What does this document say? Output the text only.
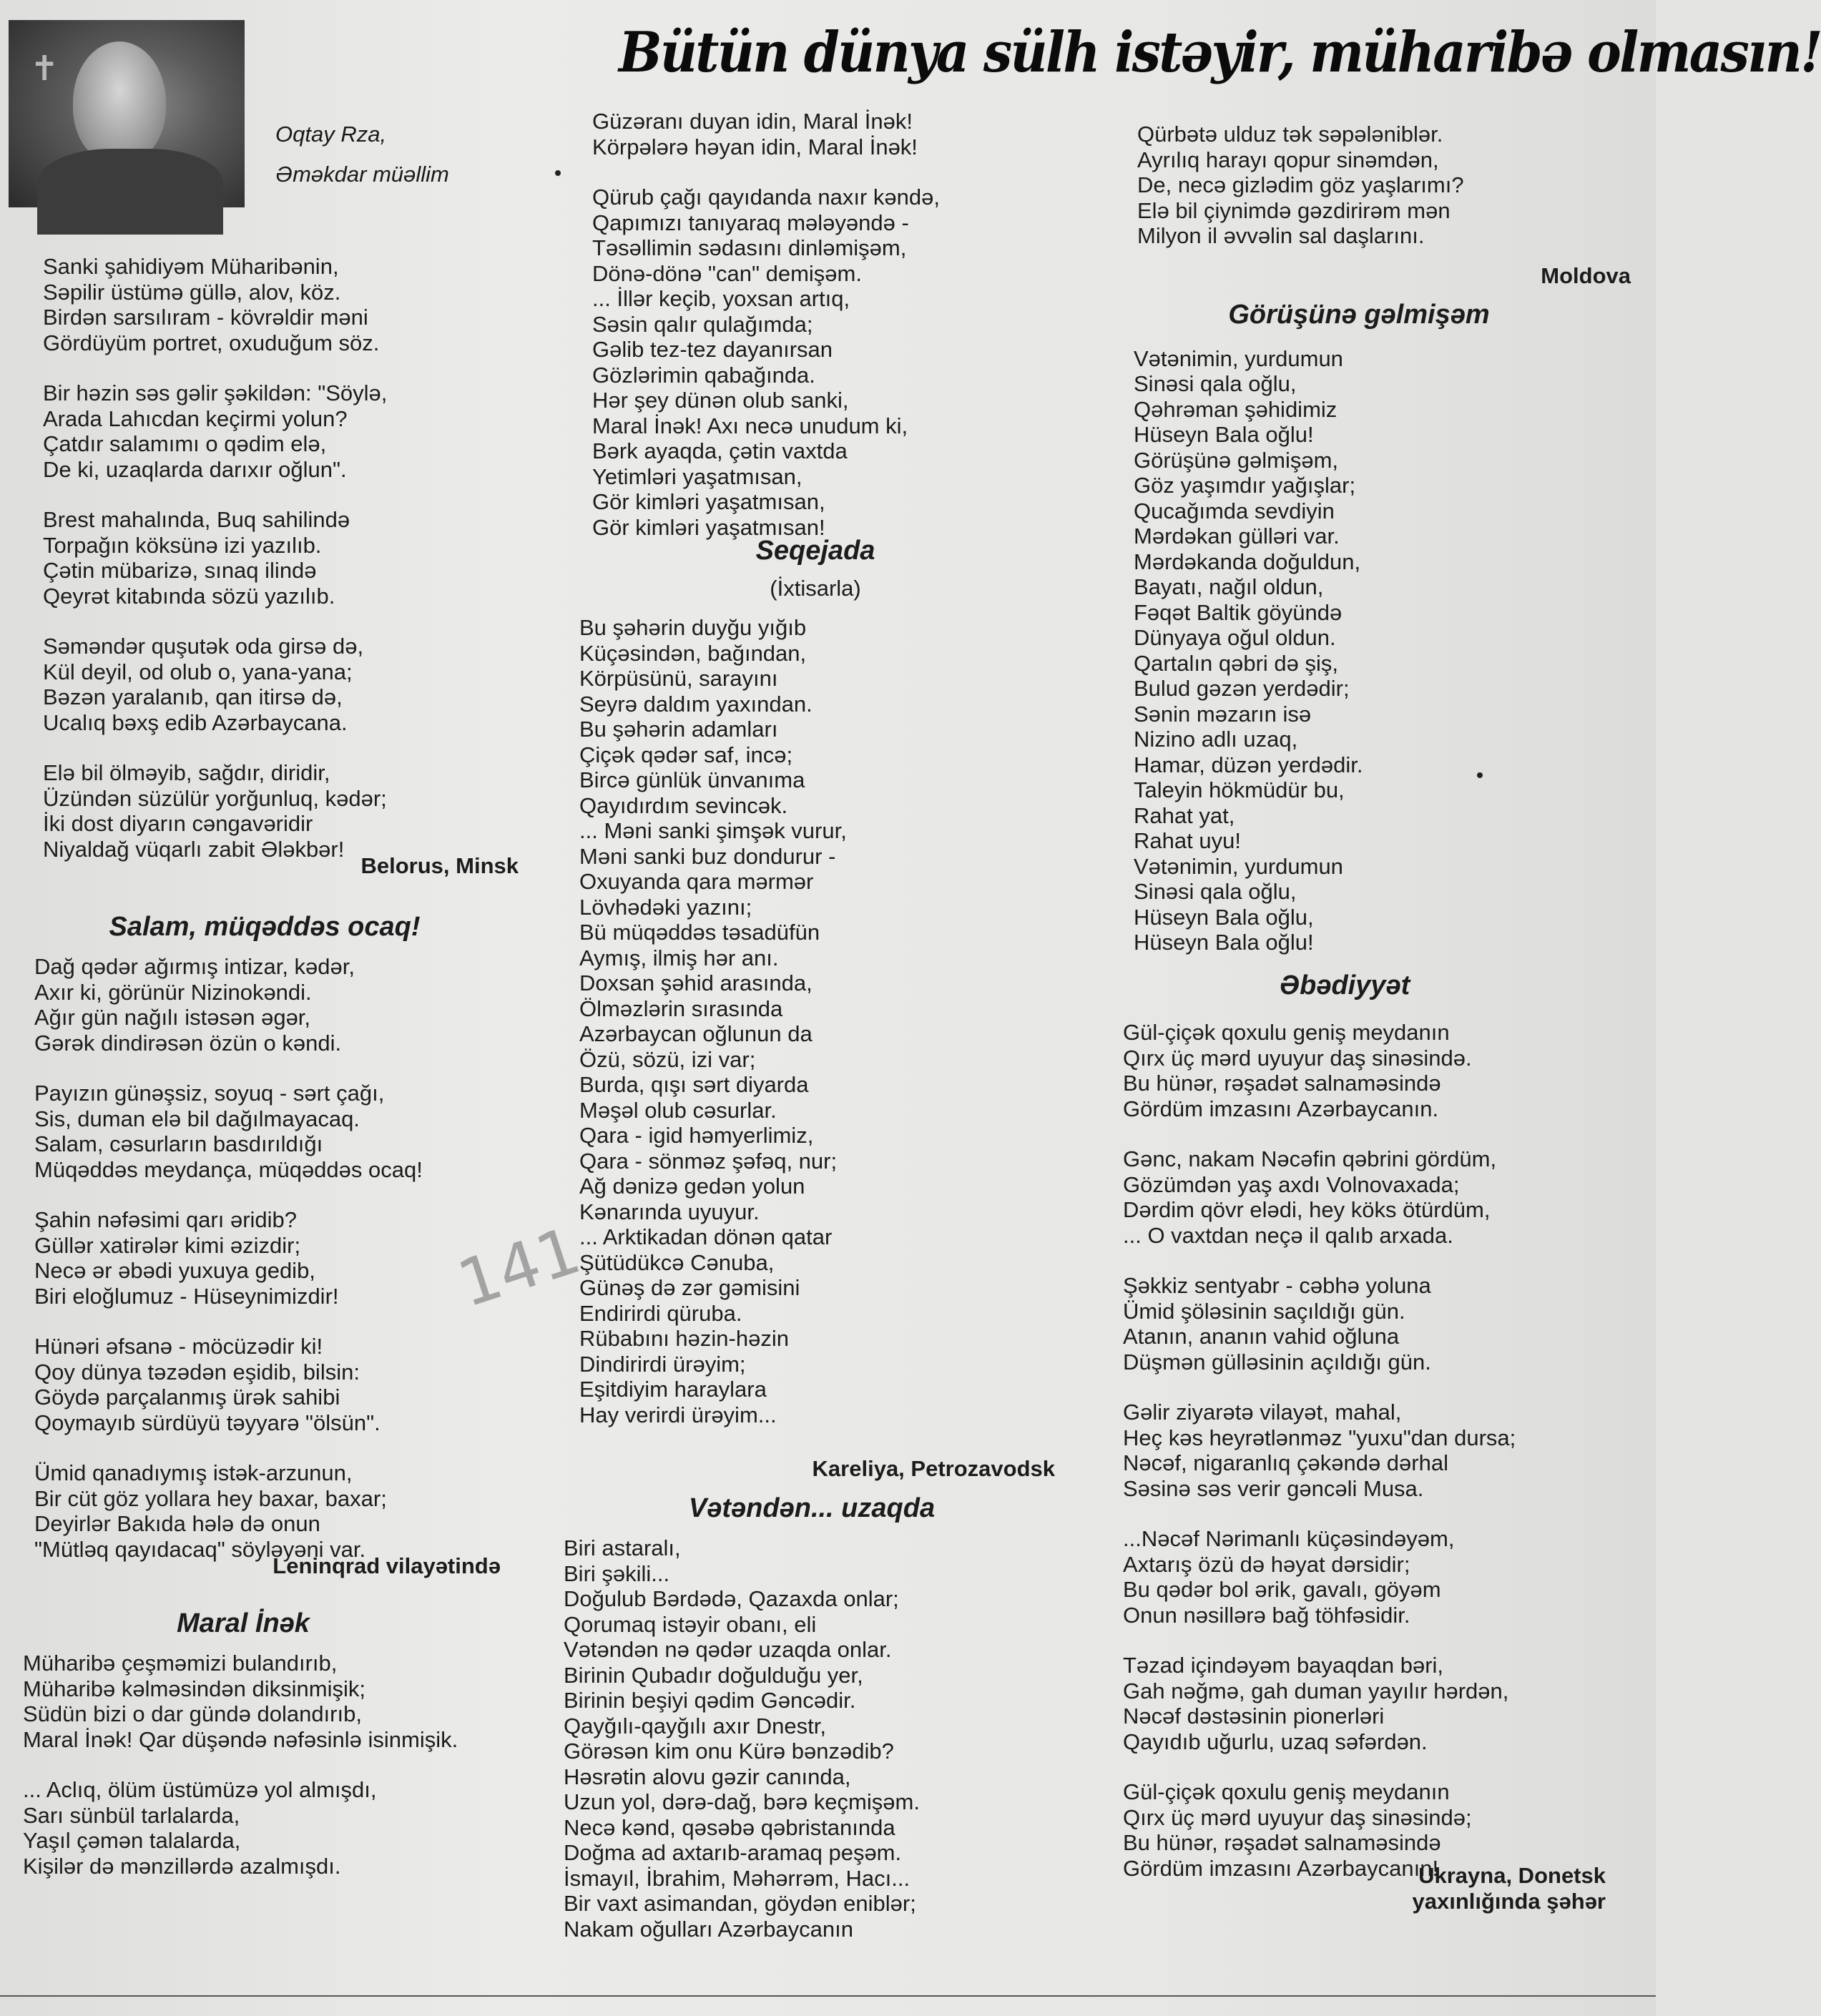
✝	Bütün dünya sülh istəyir, müharibə olmasın!
Oqtay Rza,
Əməkdar müəllim

Sanki şahidiyəm Müharibənin,

Səpilir üstümə güllə, alov, köz.

Birdən sarsılıram - kövrəldir məni

Gördüyüm portret, oxuduğum söz.

Bir həzin səs gəlir şəkildən: "Söylə,

Arada Lahıcdan keçirmi yolun?

Çatdır salamımı o qədim elə,

De ki, uzaqlarda darıxır oğlun".

Brest mahalında, Buq sahilində

Torpağın köksünə izi yazılıb.

Çətin mübarizə, sınaq ilində

Qeyrət kitabında sözü yazılıb.

Səməndər quşutək oda girsə də,

Kül deyil, od olub o, yana-yana;

Bəzən yaralanıb, qan itirsə də,

Ucalıq bəxş edib Azərbaycana.

Elə bil ölməyib, sağdır, diridir,

Üzündən süzülür yorğunluq, kədər;

İki dost diyarın cəngavəridir

Niyaldağ vüqarlı zabit Ələkbər!

Belorus, Minsk
Salam, müqəddəs ocaq!

Dağ qədər ağırmış intizar, kədər,

Axır ki, görünür Nizinokəndi.

Ağır gün nağılı istəsən əgər,

Gərək dindirəsən özün o kəndi.

Payızın günəşsiz, soyuq - sərt çağı,

Sis, duman elə bil dağılmayacaq.

Salam, cəsurların basdırıldığı

Müqəddəs meydança, müqəddəs ocaq!

Şahin nəfəsimi qarı əridib?

Güllər xatirələr kimi əzizdir;

Necə ər əbədi yuxuya gedib,

Biri eloğlumuz - Hüseynimizdir!

Hünəri əfsanə - möcüzədir ki!

Qoy dünya təzədən eşidib, bilsin:

Göydə parçalanmış ürək sahibi

Qoymayıb sürdüyü təyyarə "ölsün".

Ümid qanadıymış istək-arzunun,

Bir cüt göz yollara hey baxar, baxar;

Deyirlər Bakıda hələ də onun

"Mütləq qayıdacaq" söyləyəni var.

Leninqrad vilayətində
Maral İnək

Müharibə çeşməmizi bulandırıb,

Müharibə kəlməsindən diksinmişik;

Südün bizi o dar gündə dolandırıb,

Maral İnək! Qar düşəndə nəfəsinlə isinmişik.

... Aclıq, ölüm üstümüzə yol almışdı,

Sarı sünbül tarlalarda,

Yaşıl çəmən talalarda,

Kişilər də mənzillərdə azalmışdı.

141

Güzəranı duyan idin, Maral İnək!

Körpələrə həyan idin, Maral İnək!

Qürub çağı qayıdanda naxır kəndə,

Qapımızı tanıyaraq mələyəndə -

Təsəllimin sədasını dinləmişəm,

Dönə-dönə "can" demişəm.

... İllər keçib, yoxsan artıq,

Səsin qalır qulağımda;

Gəlib tez-tez dayanırsan

Gözlərimin qabağında.

Hər şey dünən olub sanki,

Maral İnək! Axı necə unudum ki,

Bərk ayaqda, çətin vaxtda

Yetimləri yaşatmısan,

Gör kimləri yaşatmısan,

Gör kimləri yaşatmısan!

Seqejada
(İxtisarla)

Bu şəhərin duyğu yığıb

Küçəsindən, bağından,

Körpüsünü, sarayını

Seyrə daldım yaxından.

Bu şəhərin adamları

Çiçək qədər saf, incə;

Bircə günlük ünvanıma

Qayıdırdım sevincək.

... Məni sanki şimşək vurur,

Məni sanki buz dondurur -

Oxuyanda qara mərmər

Lövhədəki yazını;

Bü müqəddəs təsadüfün

Aymış, ilmiş hər anı.

Doxsan şəhid arasında,

Ölməzlərin sırasında

Azərbaycan oğlunun da

Özü, sözü, izi var;

Burda, qışı sərt diyarda

Məşəl olub cəsurlar.

Qara - igid həmyerlimiz,

Qara - sönməz şəfəq, nur;

Ağ dənizə gedən yolun

Kənarında uyuyur.

... Arktikadan dönən qatar

Şütüdükcə Cənuba,

Günəş də zər gəmisini

Endirirdi qüruba.

Rübabını həzin-həzin

Dindirirdi ürəyim;

Eşitdiyim haraylara

Hay verirdi ürəyim...

Kareliya, Petrozavodsk
Vətəndən... uzaqda

Biri astaralı,

Biri şəkili...

Doğulub Bərdədə, Qazaxda onlar;

Qorumaq istəyir obanı, eli

Vətəndən nə qədər uzaqda onlar.

Birinin Qubadır doğulduğu yer,

Birinin beşiyi qədim Gəncədir.

Qayğılı-qayğılı axır Dnestr,

Görəsən kim onu Kürə bənzədib?

Həsrətin alovu gəzir canında,

Uzun yol, dərə-dağ, bərə keçmişəm.

Necə kənd, qəsəbə qəbristanında

Doğma ad axtarıb-aramaq peşəm.

İsmayıl, İbrahim, Məhərrəm, Hacı...

Bir vaxt asimandan, göydən eniblər;

Nakam oğulları Azərbaycanın

Qürbətə ulduz tək səpələniblər.

Ayrılıq harayı qopur sinəmdən,

De, necə gizlədim göz yaşlarımı?

Elə bil çiynimdə gəzdirirəm mən

Milyon il əvvəlin sal daşlarını.

Moldova
Görüşünə gəlmişəm

Vətənimin, yurdumun

Sinəsi qala oğlu,

Qəhrəman şəhidimiz

Hüseyn Bala oğlu!

Görüşünə gəlmişəm,

Göz yaşımdır yağışlar;

Qucağımda sevdiyin

Mərdəkan gülləri var.

Mərdəkanda doğuldun,

Bayatı, nağıl oldun,

Fəqət Baltik göyündə

Dünyaya oğul oldun.

Qartalın qəbri də şiş,

Bulud gəzən yerdədir;

Sənin məzarın isə

Nizino adlı uzaq,

Hamar, düzən yerdədir.

Taleyin hökmüdür bu,

Rahat yat,

Rahat uyu!

Vətənimin, yurdumun

Sinəsi qala oğlu,

Hüseyn Bala oğlu,

Hüseyn Bala oğlu!

Əbədiyyət

Gül-çiçək qoxulu geniş meydanın

Qırx üç mərd uyuyur daş sinəsində.

Bu hünər, rəşadət salnaməsində

Gördüm imzasını Azərbaycanın.

Gənc, nakam Nəcəfin qəbrini gördüm,

Gözümdən yaş axdı Volnovaxada;

Dərdim qövr elədi, hey köks ötürdüm,

... O vaxtdan neçə il qalıb arxada.

Şəkkiz sentyabr - cəbhə yoluna

Ümid şöləsinin saçıldığı gün.

Atanın, ananın vahid oğluna

Düşmən gülləsinin açıldığı gün.

Gəlir ziyarətə vilayət, mahal,

Heç kəs heyrətlənməz "yuxu"dan dursa;

Nəcəf, nigaranlıq çəkəndə dərhal

Səsinə səs verir gəncəli Musa.

...Nəcəf Nərimanlı küçəsindəyəm,

Axtarış özü də həyat dərsidir;

Bu qədər bol ərik, gavalı, göyəm

Onun nəsillərə bağ töhfəsidir.

Təzad içindəyəm bayaqdan bəri,

Gah nəğmə, gah duman yayılır hərdən,

Nəcəf dəstəsinin pionerləri

Qayıdıb uğurlu, uzaq səfərdən.

Gül-çiçək qoxulu geniş meydanın

Qırx üç mərd uyuyur daş sinəsində;

Bu hünər, rəşadət salnaməsində

Gördüm imzasını Azərbaycanın!

Ukrayna, Donetsk
yaxınlığında şəhər
